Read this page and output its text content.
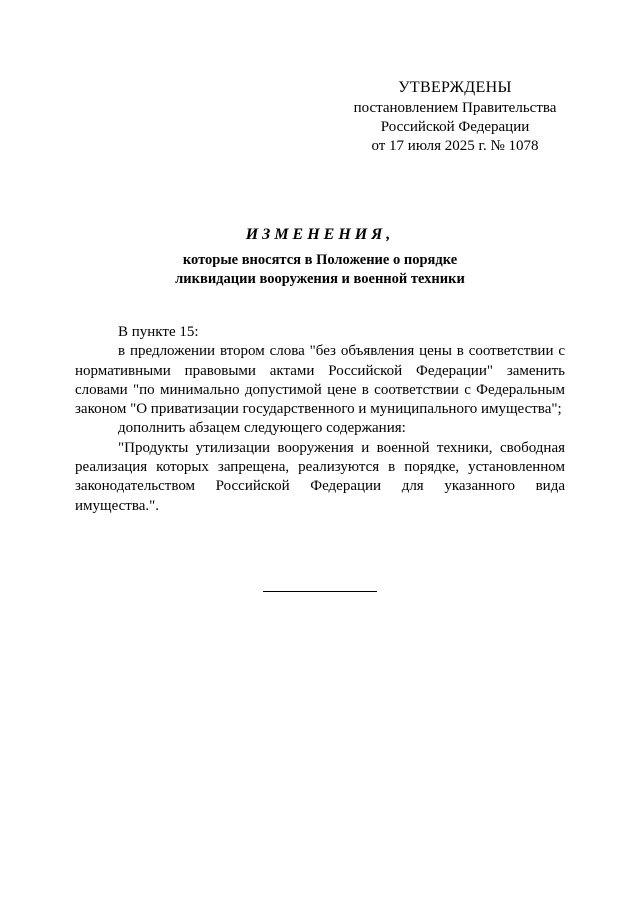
УТВЕРЖДЕНЫ
постановлением Правительства
Российской Федерации
от 17 июля 2025 г. № 1078
ИЗМЕНЕНИЯ,
которые вносятся в Положение о порядке
ликвидации вооружения и военной техники

В пункте 15:

в предложении втором слова "без объявления цены в соответствии с нормативными правовыми актами Российской Федерации" заменить словами "по минимально допустимой цене в соответствии с Федеральным законом "О приватизации государственного и муниципального имущества";

дополнить абзацем следующего содержания:

"Продукты утилизации вооружения и военной техники, свободная реализация которых запрещена, реализуются в порядке, установленном законодательством Российской Федерации для указанного вида имущества.".
